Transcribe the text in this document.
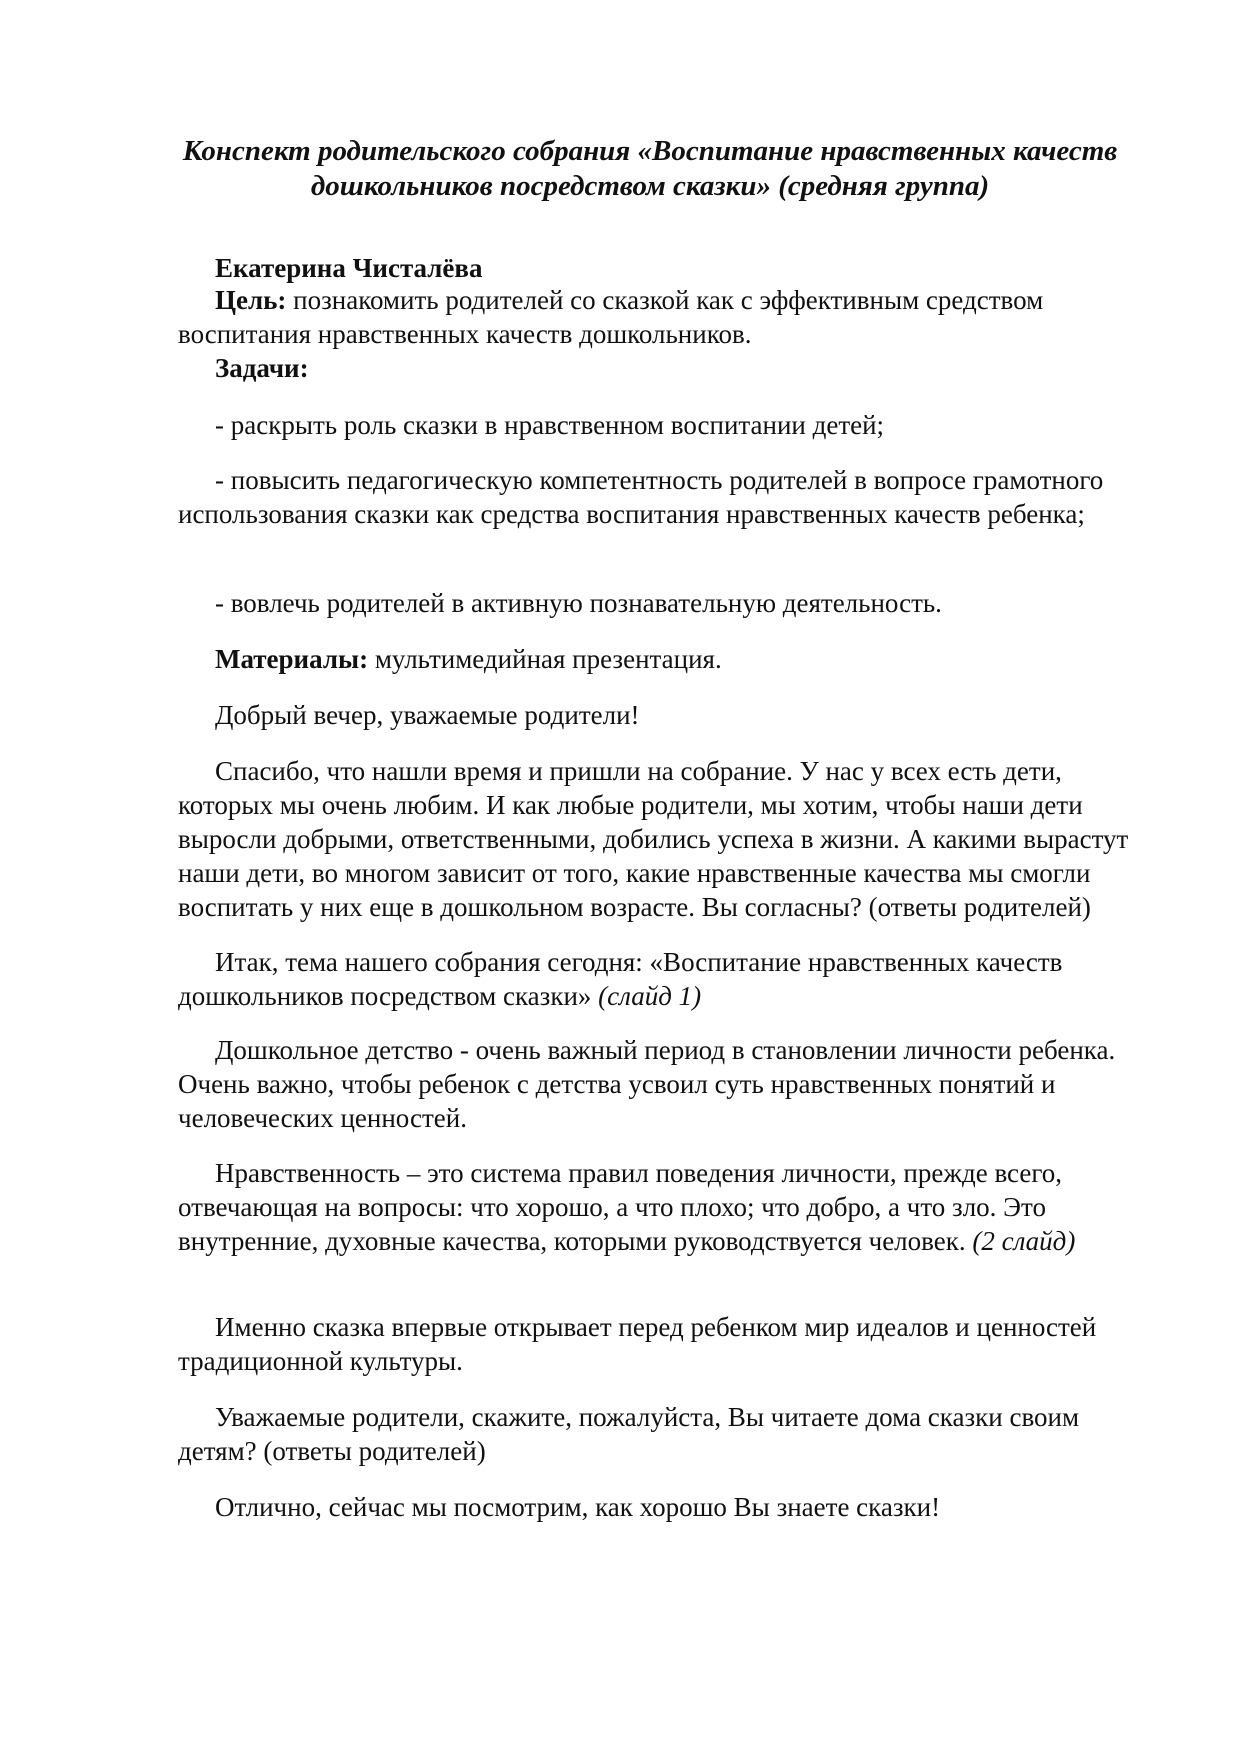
Конспект родительского собрания «Воспитание нравственных качеств
дошкольников посредством сказки» (средняя группа)

Екатерина Чисталёва

Цель: познакомить родителей со сказкой как с эффективным средством воспитания нравственных качеств дошкольников.

Задачи:

- раскрыть роль сказки в нравственном воспитании детей;

- повысить педагогическую компетентность родителей в вопросе грамотного использования сказки как средства воспитания нравственных качеств ребенка;

- вовлечь родителей в активную познавательную деятельность.

Материалы: мультимедийная презентация.

Добрый вечер, уважаемые родители!

Спасибо, что нашли время и пришли на собрание. У нас у всех есть дети, которых мы очень любим. И как любые родители, мы хотим, чтобы наши дети выросли добрыми, ответственными, добились успеха в жизни. А какими вырастут наши дети, во многом зависит от того, какие нравственные качества мы смогли воспитать у них еще в дошкольном возрасте. Вы согласны? (ответы родителей)

Итак, тема нашего собрания сегодня: «Воспитание нравственных качеств дошкольников посредством сказки» (слайд 1)

Дошкольное детство - очень важный период в становлении личности ребенка. Очень важно, чтобы ребенок с детства усвоил суть нравственных понятий и человеческих ценностей.

Нравственность – это система правил поведения личности, прежде всего, отвечающая на вопросы: что хорошо, а что плохо; что добро, а что зло. Это внутренние, духовные качества, которыми руководствуется человек. (2 слайд)

Именно сказка впервые открывает перед ребенком мир идеалов и ценностей традиционной культуры.

Уважаемые родители, скажите, пожалуйста, Вы читаете дома сказки своим детям? (ответы родителей)

Отлично, сейчас мы посмотрим, как хорошо Вы знаете сказки!
